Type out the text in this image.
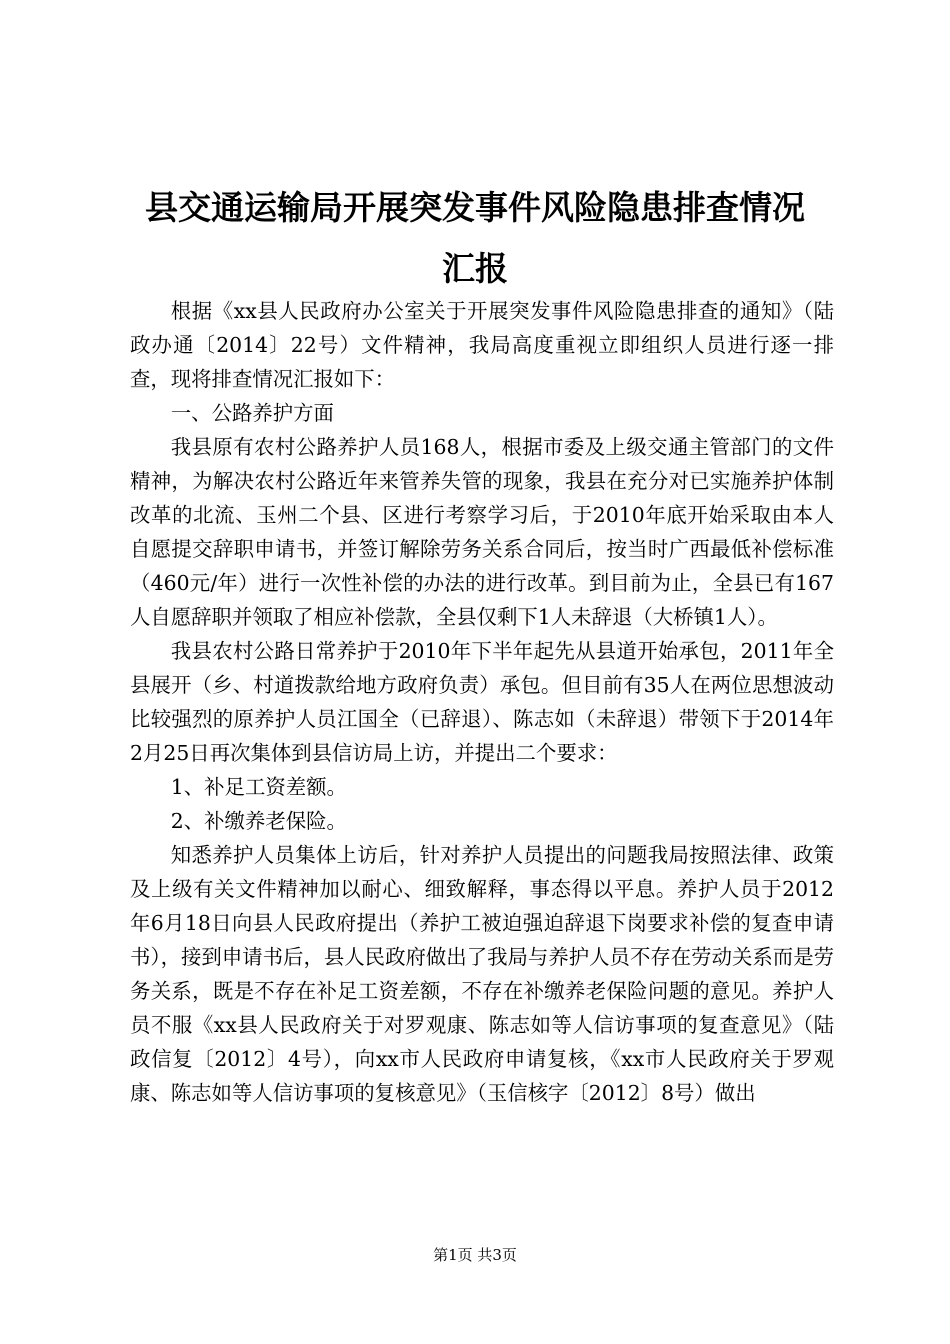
县交通运输局开展突发事件风险隐患排查情况
汇报

根据《xx县人民政府办公室关于开展突发事件风险隐患排查的通知》（陆政办通〔2014〕22号）文件精神，我局高度重视立即组织人员进行逐一排查，现将排查情况汇报如下：

一、公路养护方面

我县原有农村公路养护人员168人，根据市委及上级交通主管部门的文件精神，为解决农村公路近年来管养失管的现象，我县在充分对已实施养护体制改革的北流、玉州二个县、区进行考察学习后，于2010年底开始采取由本人自愿提交辞职申请书，并签订解除劳务关系合同后，按当时广西最低补偿标准（460元/年）进行一次性补偿的办法的进行改革。到目前为止，全县已有167人自愿辞职并领取了相应补偿款，全县仅剩下1人未辞退（大桥镇1人）。

我县农村公路日常养护于2010年下半年起先从县道开始承包，2011年全县展开（乡、村道拨款给地方政府负责）承包。但目前有35人在两位思想波动比较强烈的原养护人员江国全（已辞退）、陈志如（未辞退）带领下于2014年2月25日再次集体到县信访局上访，并提出二个要求：

1、补足工资差额。

2、补缴养老保险。

知悉养护人员集体上访后，针对养护人员提出的问题我局按照法律、政策及上级有关文件精神加以耐心、细致解释，事态得以平息。养护人员于2012年6月18日向县人民政府提出（养护工被迫强迫辞退下岗要求补偿的复查申请书），接到申请书后，县人民政府做出了我局与养护人员不存在劳动关系而是劳务关系，既是不存在补足工资差额，不存在补缴养老保险问题的意见。养护人员不服《xx县人民政府关于对罗观康、陈志如等人信访事项的复查意见》（陆政信复〔2012〕4号），向xx市人民政府申请复核，《xx市人民政府关于罗观康、陈志如等人信访事项的复核意见》（玉信核字〔2012〕8号）做出

第1页 共3页
